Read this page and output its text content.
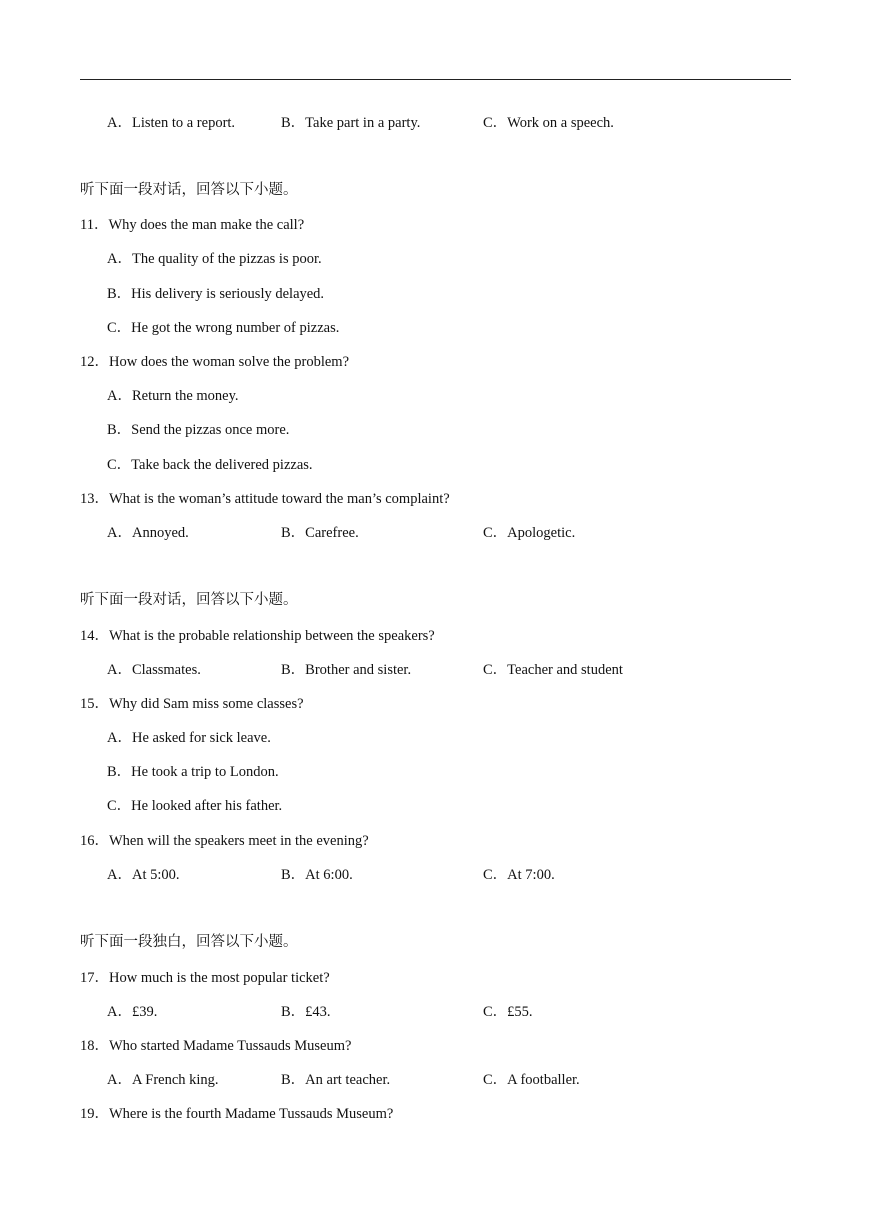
A．Listen to a report.	B．Take part in a party.	C．Work on a speech.
听下面一段对话，回答以下小题。
11．Why does the man make the call?
A．The quality of the pizzas is poor.
B．His delivery is seriously delayed.
C．He got the wrong number of pizzas.
12．How does the woman solve the problem?
A．Return the money.
B．Send the pizzas once more.
C．Take back the delivered pizzas.
13．What is the woman’s attitude toward the man’s complaint?
A．Annoyed.	B．Carefree.	C．Apologetic.
听下面一段对话，回答以下小题。
14．What is the probable relationship between the speakers?
A．Classmates.	B．Brother and sister.	C．Teacher and student
15．Why did Sam miss some classes?
A．He asked for sick leave.
B．He took a trip to London.
C．He looked after his father.
16．When will the speakers meet in the evening?
A．At 5:00.	B．At 6:00.	C．At 7:00.
听下面一段独白，回答以下小题。
17．How much is the most popular ticket?
A．£39.	B．£43.	C．£55.
18．Who started Madame Tussauds Museum?
A．A French king.	B．An art teacher.	C．A footballer.
19．Where is the fourth Madame Tussauds Museum?
